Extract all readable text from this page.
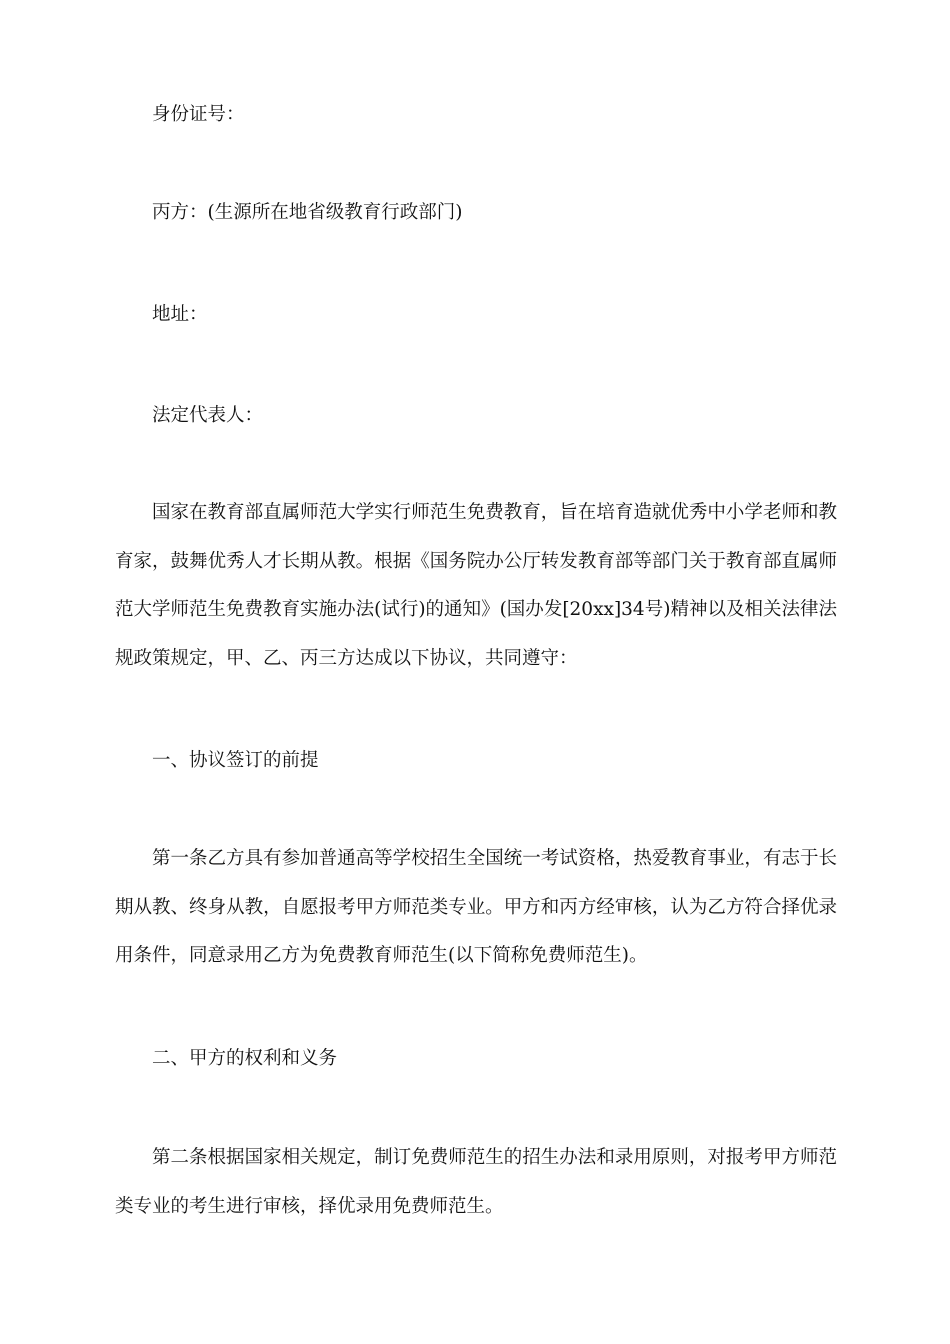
身份证号：
丙方：(生源所在地省级教育行政部门)
地址：
法定代表人：

国家在教育部直属师范大学实行师范生免费教育，旨在培育造就优秀中小学老师和教育家，鼓舞优秀人才长期从教。根据《国务院办公厅转发教育部等部门关于教育部直属师范大学师范生免费教育实施办法(试行)的通知》(国办发[20xx]34号)精神以及相关法律法规政策规定，甲、乙、丙三方达成以下协议，共同遵守：

一、协议签订的前提

第一条乙方具有参加普通高等学校招生全国统一考试资格，热爱教育事业，有志于长期从教、终身从教，自愿报考甲方师范类专业。甲方和丙方经审核，认为乙方符合择优录用条件，同意录用乙方为免费教育师范生(以下简称免费师范生)。

二、甲方的权利和义务

第二条根据国家相关规定，制订免费师范生的招生办法和录用原则，对报考甲方师范类专业的考生进行审核，择优录用免费师范生。
